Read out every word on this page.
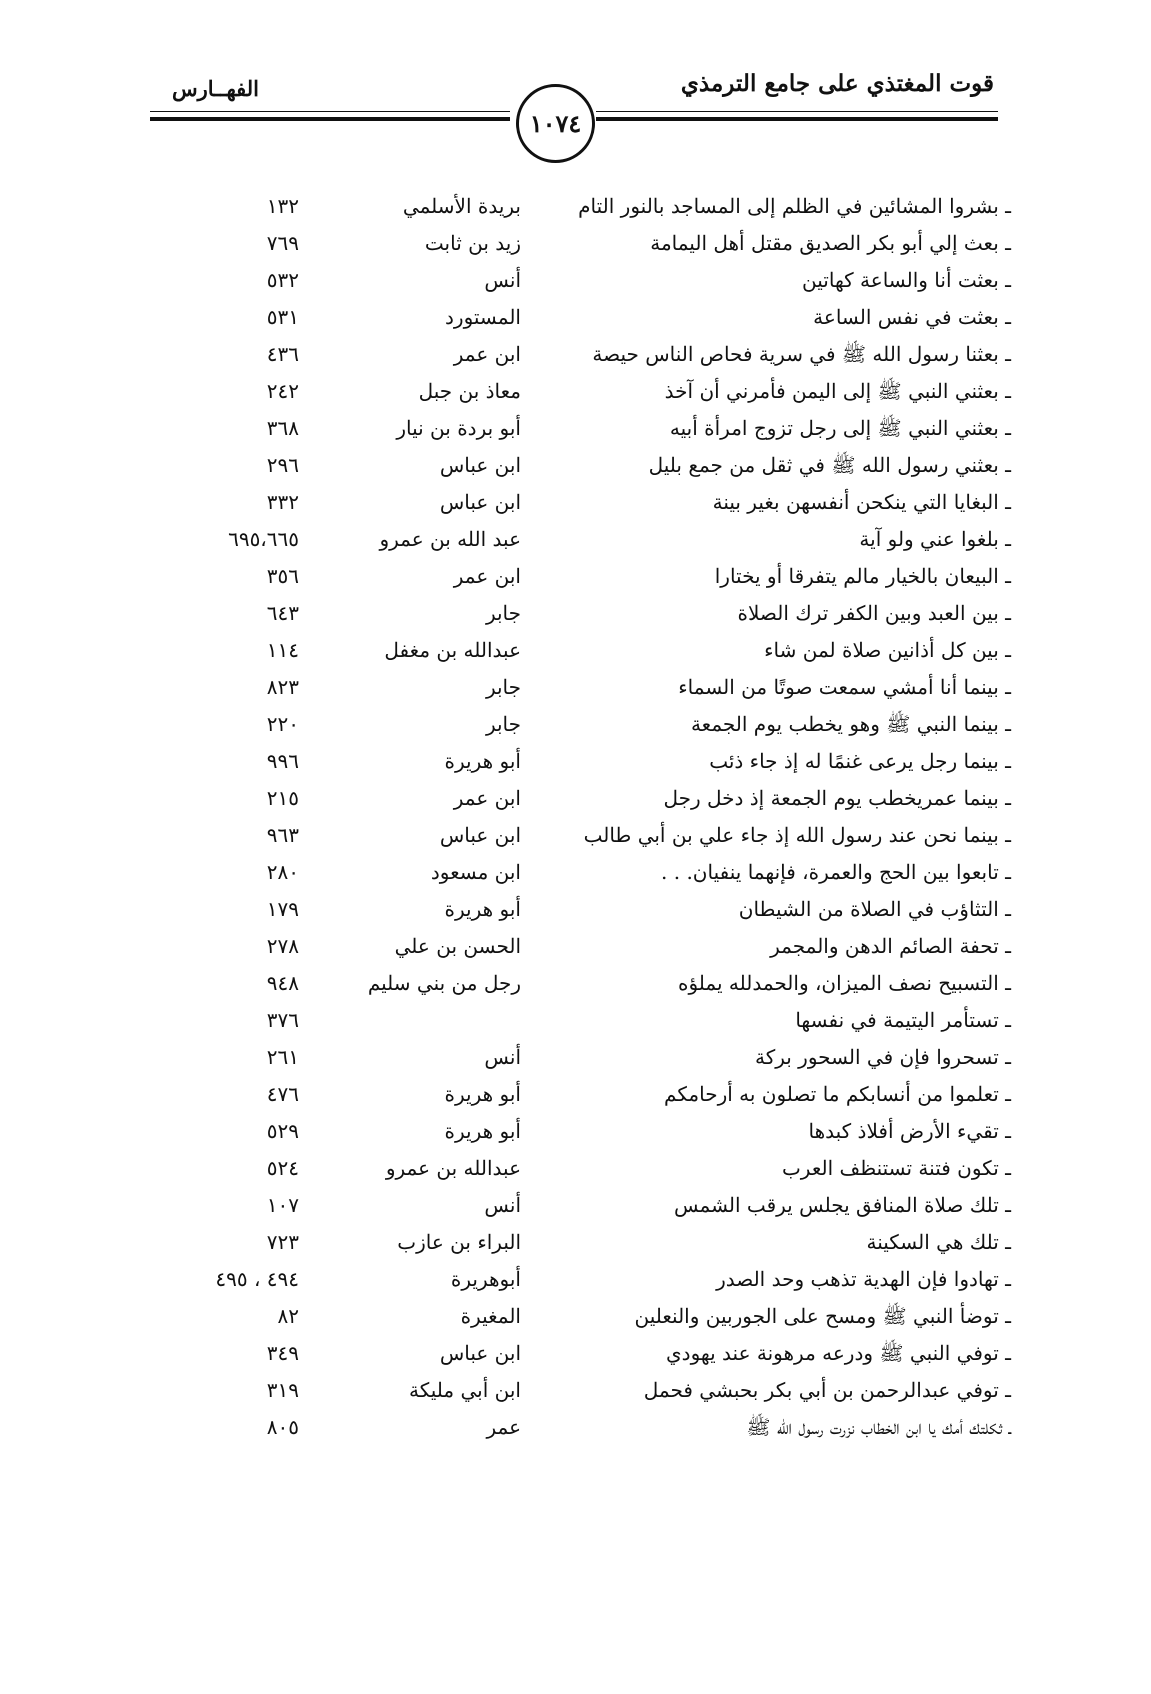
قوت المغتذي على جامع الترمذي
الفهــارس
١٠٧٤
ـ بشروا المشائين في الظلم إلى المساجد بالنور التام
بريدة الأسلمي
١٣٢
ـ بعث إلي أبو بكر الصديق مقتل أهل اليمامة
زيد بن ثابت
٧٦٩
ـ بعثت أنا والساعة كهاتين
أنس
٥٣٢
ـ بعثت في نفس الساعة
المستورد
٥٣١
ـ بعثنا رسول الله ﷺ في سرية فحاص الناس حيصة
ابن عمر
٤٣٦
ـ بعثني النبي ﷺ إلى اليمن فأمرني أن آخذ
معاذ بن جبل
٢٤٢
ـ بعثني النبي ﷺ إلى رجل تزوج امرأة أبيه
أبو بردة بن نيار
٣٦٨
ـ بعثني رسول الله ﷺ في ثقل من جمع بليل
ابن عباس
٢٩٦
ـ البغايا التي ينكحن أنفسهن بغير بينة
ابن عباس
٣٣٢
ـ بلغوا عني ولو آية
عبد الله بن عمرو
٦٩٥،٦٦٥
ـ البيعان بالخيار مالم يتفرقا أو يختارا
ابن عمر
٣٥٦
ـ بين العبد وبين الكفر ترك الصلاة
جابر
٦٤٣
ـ بين كل أذانين صلاة لمن شاء
عبدالله بن مغفل
١١٤
ـ بينما أنا أمشي سمعت صوتًا من السماء
جابر
٨٢٣
ـ بينما النبي ﷺ وهو يخطب يوم الجمعة
جابر
٢٢٠
ـ بينما رجل يرعى غنمًا له إذ جاء ذئب
أبو هريرة
٩٩٦
ـ بينما عمريخطب يوم الجمعة إذ دخل رجل
ابن عمر
٢١٥
ـ بينما نحن عند رسول الله إذ جاء علي بن أبي طالب
ابن عباس
٩٦٣
ـ تابعوا بين الحج والعمرة، فإنهما ينفيان. . .
ابن مسعود
٢٨٠
ـ التثاؤب في الصلاة من الشيطان
أبو هريرة
١٧٩
ـ تحفة الصائم الدهن والمجمر
الحسن بن علي
٢٧٨
ـ التسبيح نصف الميزان، والحمدلله يملؤه
رجل من بني سليم
٩٤٨
ـ تستأمر اليتيمة في نفسها
٣٧٦
ـ تسحروا فإن في السحور بركة
أنس
٢٦١
ـ تعلموا من أنسابكم ما تصلون به أرحامكم
أبو هريرة
٤٧٦
ـ تقيء الأرض أفلاذ كبدها
أبو هريرة
٥٢٩
ـ تكون فتنة تستنظف العرب
عبدالله بن عمرو
٥٢٤
ـ تلك صلاة المنافق يجلس يرقب الشمس
أنس
١٠٧
ـ تلك هي السكينة
البراء بن عازب
٧٢٣
ـ تهادوا فإن الهدية تذهب وحد الصدر
أبوهريرة
٤٩٤ ، ٤٩٥
ـ توضأ النبي ﷺ ومسح على الجوربين والنعلين
المغيرة
٨٢
ـ توفي النبي ﷺ ودرعه مرهونة عند يهودي
ابن عباس
٣٤٩
ـ توفي عبدالرحمن بن أبي بكر بحبشي فحمل
ابن أبي مليكة
٣١٩
ـ ثكلتك أمك يا ابن الخطاب نزرت رسول الله ﷺ
عمر
٨٠٥
